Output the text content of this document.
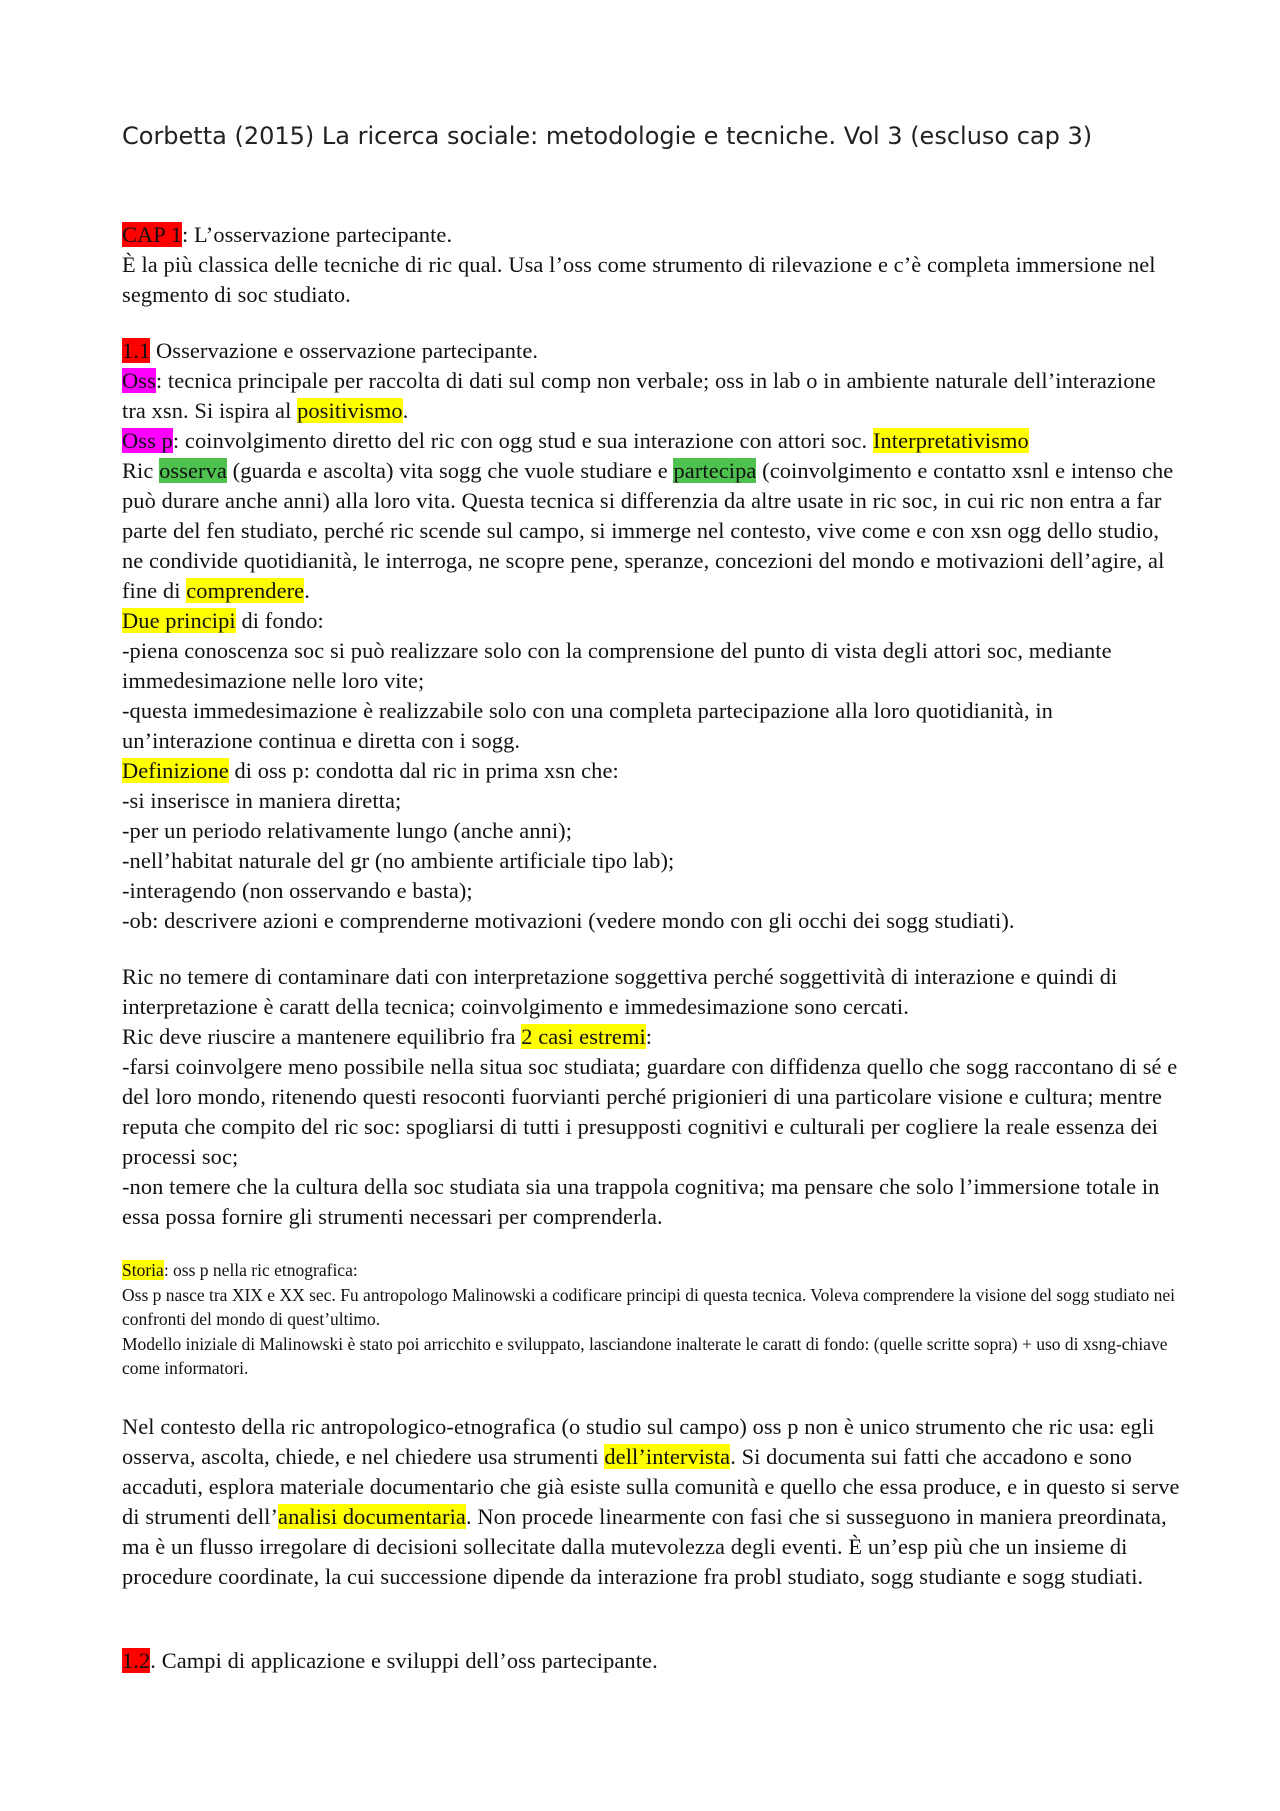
Corbetta (2015) La ricerca sociale: metodologie e tecniche. Vol 3 (escluso cap 3)

CAP 1: L’osservazione partecipante.

È la più classica delle tecniche di ric qual. Usa l’oss come strumento di rilevazione e c’è completa immersione nel segmento di soc studiato.

1.1 Osservazione e osservazione partecipante.

Oss: tecnica principale per raccolta di dati sul comp non verbale; oss in lab o in ambiente naturale dell’interazione tra xsn. Si ispira al positivismo.

Oss p: coinvolgimento diretto del ric con ogg stud e sua interazione con attori soc. Interpretativismo

Ric osserva (guarda e ascolta) vita sogg che vuole studiare e partecipa (coinvolgimento e contatto xsnl e intenso che può durare anche anni) alla loro vita. Questa tecnica si differenzia da altre usate in ric soc, in cui ric non entra a far parte del fen studiato, perché ric scende sul campo, si immerge nel contesto, vive come e con xsn ogg dello studio, ne condivide quotidianità, le interroga, ne scopre pene, speranze, concezioni del mondo e motivazioni dell’agire, al fine di comprendere.

Due principi di fondo:

-piena conoscenza soc si può realizzare solo con la comprensione del punto di vista degli attori soc, mediante immedesimazione nelle loro vite;

-questa immedesimazione è realizzabile solo con una completa partecipazione alla loro quotidianità, in un’interazione continua e diretta con i sogg.

Definizione di oss p: condotta dal ric in prima xsn che:

-si inserisce in maniera diretta;

-per un periodo relativamente lungo (anche anni);

-nell’habitat naturale del gr (no ambiente artificiale tipo lab);

-interagendo (non osservando e basta);

-ob: descrivere azioni e comprenderne motivazioni (vedere mondo con gli occhi dei sogg studiati).

Ric no temere di contaminare dati con interpretazione soggettiva perché soggettività di interazione e quindi di interpretazione è caratt della tecnica; coinvolgimento e immedesimazione sono cercati.

Ric deve riuscire a mantenere equilibrio fra 2 casi estremi:

-farsi coinvolgere meno possibile nella situa soc studiata; guardare con diffidenza quello che sogg raccontano di sé e del loro mondo, ritenendo questi resoconti fuorvianti perché prigionieri di una particolare visione e cultura; mentre reputa che compito del ric soc: spogliarsi di tutti i presupposti cognitivi e culturali per cogliere la reale essenza dei processi soc;

-non temere che la cultura della soc studiata sia una trappola cognitiva; ma pensare che solo l’immersione totale in essa possa fornire gli strumenti necessari per comprenderla.

Storia: oss p nella ric etnografica:

Oss p nasce tra XIX e XX sec. Fu antropologo Malinowski a codificare principi di questa tecnica. Voleva comprendere la visione del sogg studiato nei confronti del mondo di quest’ultimo.

Modello iniziale di Malinowski è stato poi arricchito e sviluppato, lasciandone inalterate le caratt di fondo: (quelle scritte sopra) + uso di xsng-chiave come informatori.

Nel contesto della ric antropologico-etnografica (o studio sul campo) oss p non è unico strumento che ric usa: egli osserva, ascolta, chiede, e nel chiedere usa strumenti dell’intervista. Si documenta sui fatti che accadono e sono accaduti, esplora materiale documentario che già esiste sulla comunità e quello che essa produce, e in questo si serve di strumenti dell’analisi documentaria. Non procede linearmente con fasi che si susseguono in maniera preordinata, ma è un flusso irregolare di decisioni sollecitate dalla mutevolezza degli eventi. È un’esp più che un insieme di procedure coordinate, la cui successione dipende da interazione fra probl studiato, sogg studiante e sogg studiati.

1.2. Campi di applicazione e sviluppi dell’oss partecipante.
